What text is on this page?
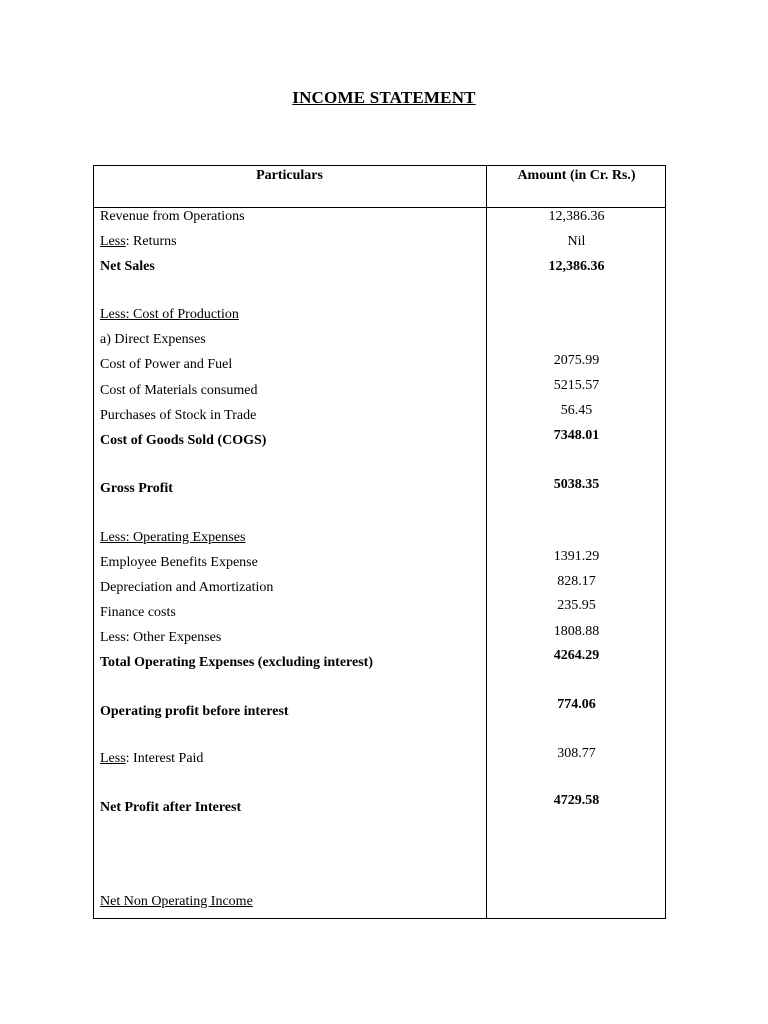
INCOME STATEMENT
Particulars	Amount (in Cr. Rs.)
Revenue from Operations	12,386.36
Less: Returns	Nil
Net Sales	12,386.36
Less: Cost of Production
a) Direct Expenses
Cost of Power and Fuel	2075.99
Cost of Materials consumed	5215.57
Purchases of Stock in Trade	56.45
Cost of Goods Sold (COGS)	7348.01
Gross Profit	5038.35
Less: Operating Expenses
Employee Benefits Expense	1391.29
Depreciation and Amortization	828.17
Finance costs	235.95
Less: Other Expenses	1808.88
Total Operating Expenses (excluding interest)	4264.29
Operating profit before interest	774.06
Less: Interest Paid	308.77
Net Profit after Interest	4729.58
Net Non Operating Income
